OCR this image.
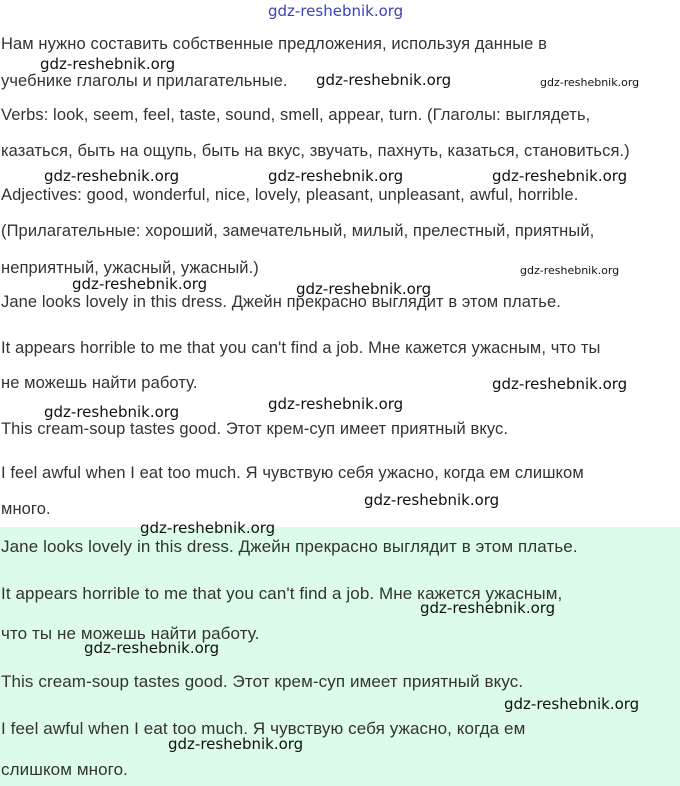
gdz-reshebnik.org
Нам нужно составить собственные предложения, используя данные в
учебнике глаголы и прилагательные.
Verbs: look, seem, feel, taste, sound, smell, appear, turn. (Глаголы: выглядеть,
казаться, быть на ощупь, быть на вкус, звучать, пахнуть, казаться, становиться.)
Adjectives: good, wonderful, nice, lovely, pleasant, unpleasant, awful, horrible.
(Прилагательные: хороший, замечательный, милый, прелестный, приятный,
неприятный, ужасный, ужасный.)
Jane looks lovely in this dress. Джейн прекрасно выглядит в этом платье.
It appears horrible to me that you can't find a job. Мне кажется ужасным, что ты
не можешь найти работу.
This cream-soup tastes good. Этот крем-суп имеет приятный вкус.
I feel awful when I eat too much. Я чувствую себя ужасно, когда ем слишком
много.
Jane looks lovely in this dress. Джейн прекрасно выглядит в этом платье.
It appears horrible to me that you can't find a job. Мне кажется ужасным,
что ты не можешь найти работу.
This cream-soup tastes good. Этот крем-суп имеет приятный вкус.
I feel awful when I eat too much. Я чувствую себя ужасно, когда ем
слишком много.
gdz-reshebnik.org
gdz-reshebnik.org	gdz-reshebnik.org
gdz-reshebnik.org	gdz-reshebnik.org	gdz-reshebnik.org
gdz-reshebnik.org
gdz-reshebnik.org	gdz-reshebnik.org
gdz-reshebnik.org
gdz-reshebnik.org
gdz-reshebnik.org
gdz-reshebnik.org
gdz-reshebnik.org
gdz-reshebnik.org
gdz-reshebnik.org
gdz-reshebnik.org
gdz-reshebnik.org
